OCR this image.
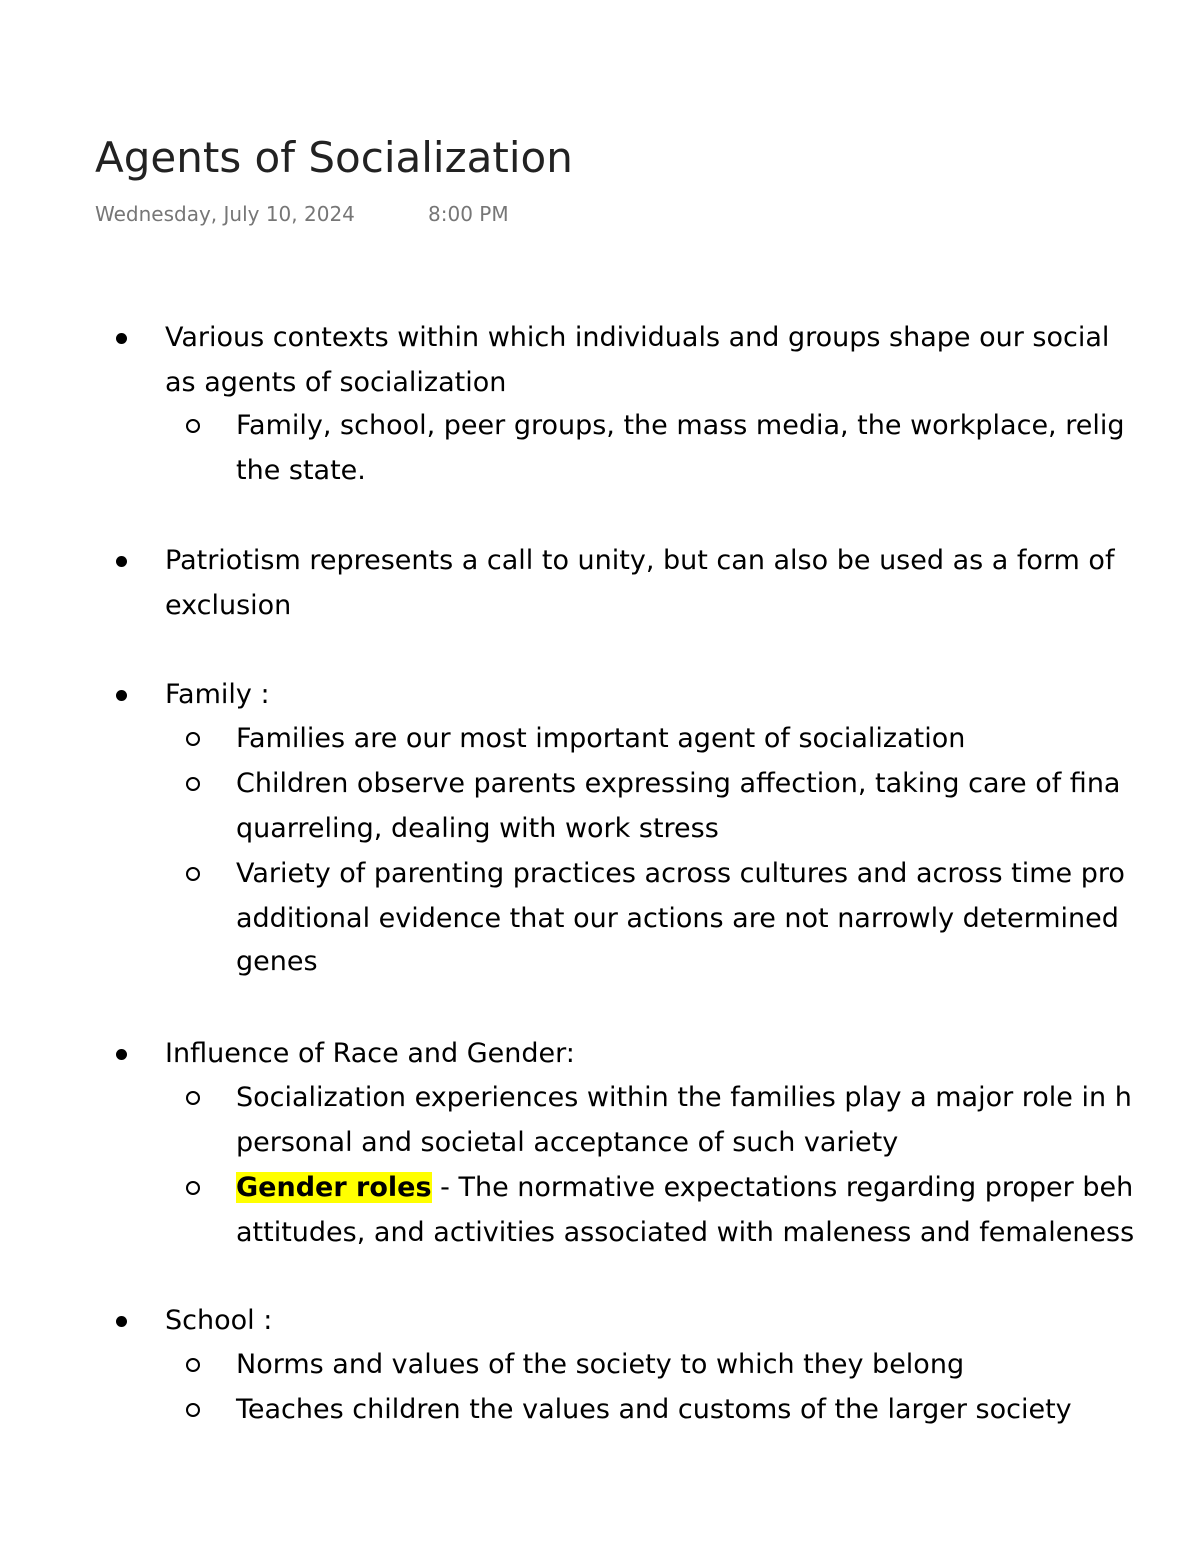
Agents of Socialization
Wednesday, July 10, 2024	8:00 PM
Various contexts within which individuals and groups shape our social
as agents of socialization
Family, school, peer groups, the mass media, the workplace, relig
the state.
Patriotism represents a call to unity, but can also be used as a form of
exclusion
Family :
Families are our most important agent of socialization
Children observe parents expressing affection, taking care of fina
quarreling, dealing with work stress
Variety of parenting practices across cultures and across time pro
additional evidence that our actions are not narrowly determined
genes
Influence of Race and Gender:
Socialization experiences within the families play a major role in h
personal and societal acceptance of such variety
Gender roles - The normative expectations regarding proper beh
attitudes, and activities associated with maleness and femaleness
School :
Norms and values of the society to which they belong
Teaches children the values and customs of the larger society
